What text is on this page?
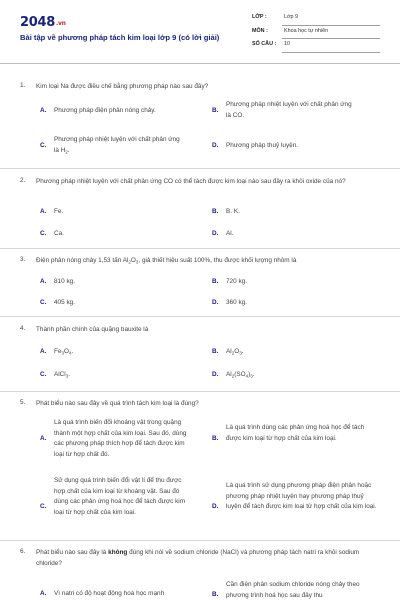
2048.vn
Bài tập về phương pháp tách kim loại lớp 9 (có lời giải)
LỚP :	Lớp 9
MÔN :	Khoa học tự nhiên
SỐ CÂU : 10
1. Kim loại Na được điều chế bằng phương pháp nào sau đây?
A. Phương pháp điện phân nóng chảy.	B.
Phương pháp nhiệt luyện với chất phản ứng là CO.
C.
Phương pháp nhiệt luyện với chất phản ứng là $H_2$.
D. Phương pháp thuỷ luyện.
2. Phương pháp nhiệt luyện với chất phản ứng CO có thể tách được kim loại nào sau đây ra khỏi oxide của nó?
A. Fe.	B. B. K.
C. Ca.	D. Al.
3. Điện phân nóng chảy 1,53 tấn $Al_2O_3$, giả thiết hiệu suất 100%, thu được khối lượng nhôm là
A. 810 kg.	B. 720 kg.
C. 405 kg.	D. 360 kg.
4. Thành phần chính của quặng bauxite là
A. $Fe_3O_4$.	B. $Al_2O_3$.
C. AlCl$_3$.	D. $Al_2(SO_4)_3$.
5. Phát biểu nào sau đây về quá trình tách kim loại là đúng?
A.
Là quá trình biến đổi khoáng vật trong quặng thành một hợp chất của kim loại. Sau đó, dùng các phương pháp thích hợp để tách được kim loại từ hợp chất đó.
B.
Là quá trình dùng các phản ứng hoá học để tách được kim loại từ hợp chất của kim loại.
C.
Sử dụng quá trình biến đổi vật lí để thu được hợp chất của kim loại từ khoáng vật. Sau đó dùng các phản ứng hoá học để tách được kim loại từ hợp chất của kim loại.
D.
Là quá trình sử dụng phương pháp điện phân hoặc phương pháp nhiệt luyện hay phương pháp thuỷ luyện để tách được kim loại từ hợp chất của kim loại.
6. Phát biểu nào sau đây là không đúng khi nói về sodium chloride (NaCl) và phương pháp tách natri ra khỏi sodium chloride?
A. Vì natri có độ hoạt động hoá học mạnh	B.
Cần điện phân sodium chloride nóng chảy theo phương trình hoá học sau đây thu
